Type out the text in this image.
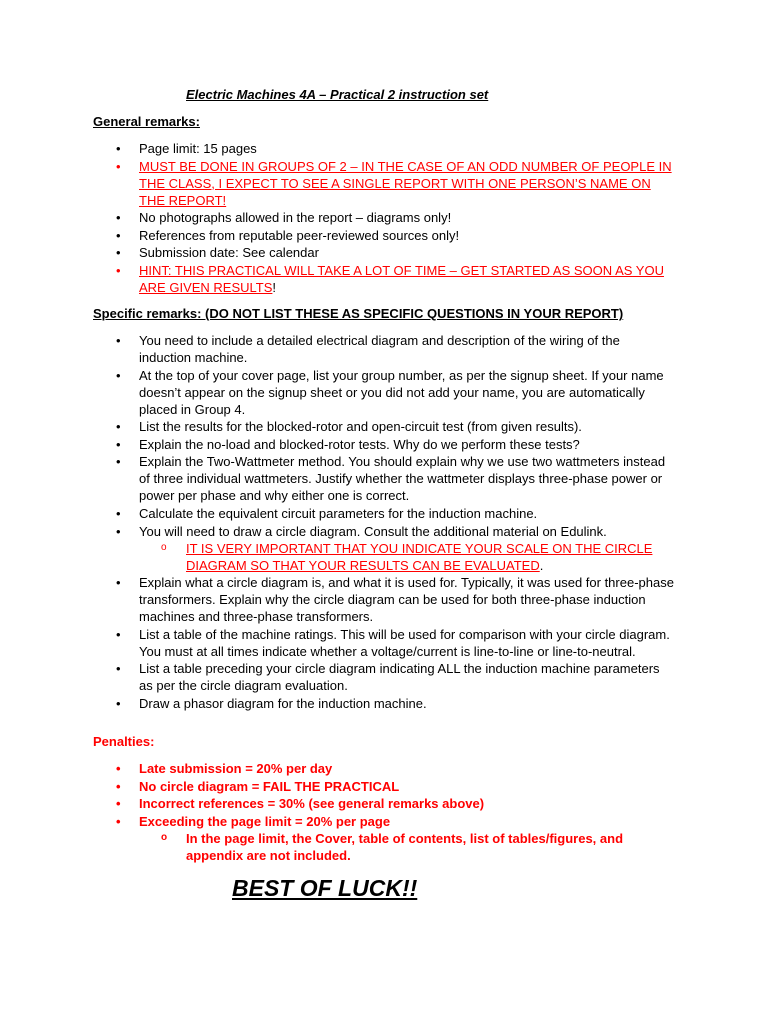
Electric Machines 4A – Practical 2 instruction set
General remarks:
• Page limit: 15 pages
• MUST BE DONE IN GROUPS OF 2 – IN THE CASE OF AN ODD NUMBER OF PEOPLE IN THE CLASS, I EXPECT TO SEE A SINGLE REPORT WITH ONE PERSON’S NAME ON THE REPORT!
• No photographs allowed in the report – diagrams only!
• References from reputable peer-reviewed sources only!
• Submission date: See calendar
• HINT: THIS PRACTICAL WILL TAKE A LOT OF TIME – GET STARTED AS SOON AS YOU ARE GIVEN RESULTS!
Specific remarks: (DO NOT LIST THESE AS SPECIFIC QUESTIONS IN YOUR REPORT)
• You need to include a detailed electrical diagram and description of the wiring of the induction machine.
• At the top of your cover page, list your group number, as per the signup sheet. If your name doesn’t appear on the signup sheet or you did not add your name, you are automatically placed in Group 4.
• List the results for the blocked-rotor and open-circuit test (from given results).
• Explain the no-load and blocked-rotor tests. Why do we perform these tests?
• Explain the Two-Wattmeter method. You should explain why we use two wattmeters instead of three individual wattmeters. Justify whether the wattmeter displays three-phase power or power per phase and why either one is correct.
• Calculate the equivalent circuit parameters for the induction machine.
• You will need to draw a circle diagram. Consult the additional material on Edulink.
o IT IS VERY IMPORTANT THAT YOU INDICATE YOUR SCALE ON THE CIRCLE DIAGRAM SO THAT YOUR RESULTS CAN BE EVALUATED.
• Explain what a circle diagram is, and what it is used for. Typically, it was used for three-phase transformers. Explain why the circle diagram can be used for both three-phase induction machines and three-phase transformers.
• List a table of the machine ratings. This will be used for comparison with your circle diagram. You must at all times indicate whether a voltage/current is line-to-line or line-to-neutral.
• List a table preceding your circle diagram indicating ALL the induction machine parameters as per the circle diagram evaluation.
• Draw a phasor diagram for the induction machine.
Penalties:
• Late submission = 20% per day
• No circle diagram = FAIL THE PRACTICAL
• Incorrect references = 30% (see general remarks above)
• Exceeding the page limit = 20% per page
o In the page limit, the Cover, table of contents, list of tables/figures, and appendix are not included.
BEST OF LUCK!!
